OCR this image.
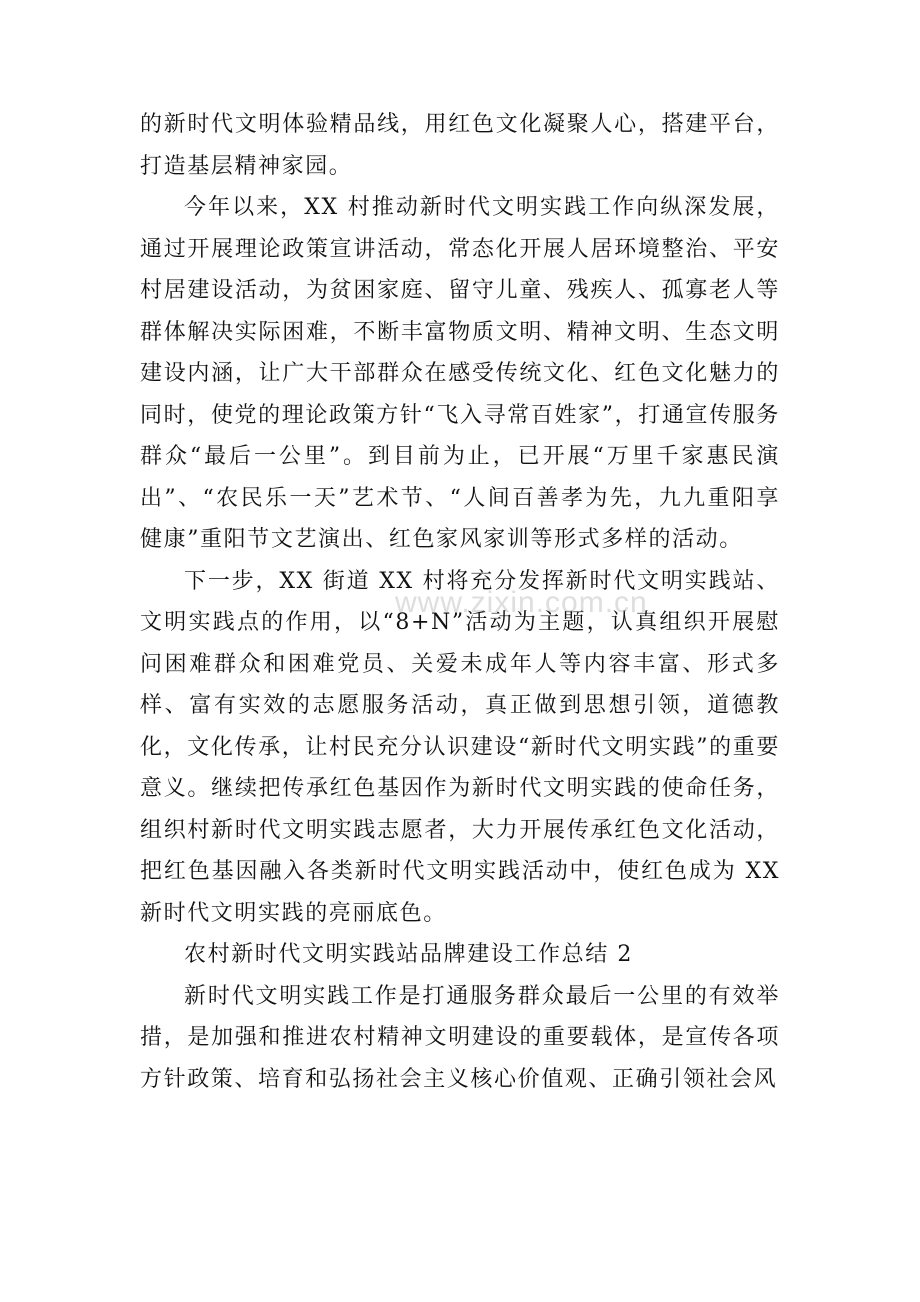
的新时代文明体验精品线，用红色文化凝聚人心，搭建平台，打造基层精神家园。

今年以来，XX 村推动新时代文明实践工作向纵深发展，通过开展理论政策宣讲活动，常态化开展人居环境整治、平安村居建设活动，为贫困家庭、留守儿童、残疾人、孤寡老人等群体解决实际困难，不断丰富物质文明、精神文明、生态文明建设内涵，让广大干部群众在感受传统文化、红色文化魅力的同时，使党的理论政策方针“飞入寻常百姓家”，打通宣传服务群众“最后一公里”。到目前为止，已开展“万里千家惠民演出”、“农民乐一天”艺术节、“人间百善孝为先，九九重阳享健康”重阳节文艺演出、红色家风家训等形式多样的活动。

下一步，XX 街道 XX 村将充分发挥新时代文明实践站、文明实践点的作用，以“8+N”活动为主题，认真组织开展慰问困难群众和困难党员、关爱未成年人等内容丰富、形式多样、富有实效的志愿服务活动，真正做到思想引领，道德教化，文化传承，让村民充分认识建设“新时代文明实践”的重要意义。继续把传承红色基因作为新时代文明实践的使命任务，组织村新时代文明实践志愿者，大力开展传承红色文化活动，把红色基因融入各类新时代文明实践活动中，使红色成为 XX 新时代文明实践的亮丽底色。

农村新时代文明实践站品牌建设工作总结 2

新时代文明实践工作是打通服务群众最后一公里的有效举措，是加强和推进农村精神文明建设的重要载体，是宣传各项方针政策、培育和弘扬社会主义核心价值观、正确引领社会风

www.zixin.com.cn
